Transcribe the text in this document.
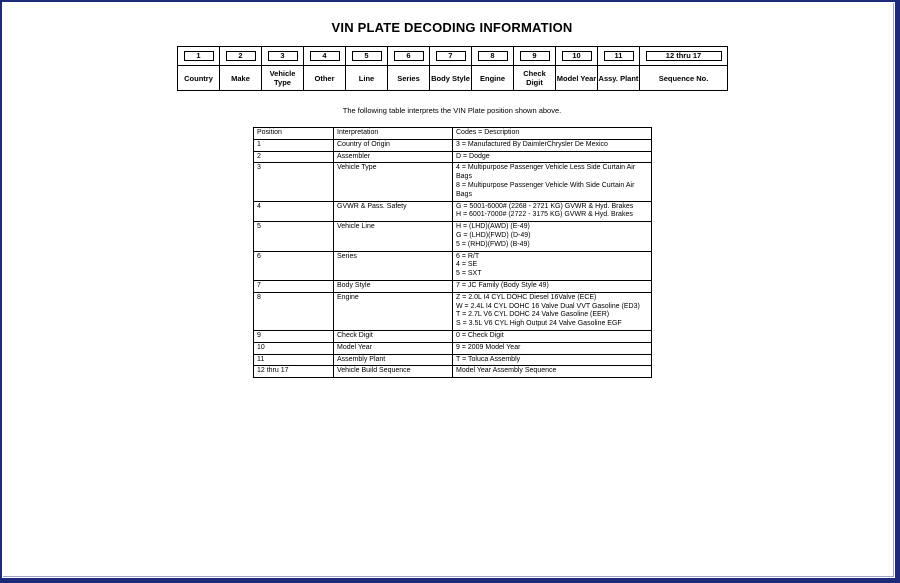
VIN PLATE DECODING INFORMATION
1	2	3	4	5	6	7	8	9	10	11	12 thru 17
Country	Make	Vehicle Type	Other	Line	Series	Body Style	Engine	Check Digit	Model Year	Assy. Plant	Sequence No.
The following table interprets the VIN Plate position shown above.
Position	Interpretation	Codes = Description
1	Country of Origin	3 = Manufactured By DaimlerChrysler De Mexico

2	Assembler	D = Dodge

3	Vehicle Type	4 = Multipurpose Passenger Vehicle Less Side Curtain Air Bags
8 = Multipurpose Passenger Vehicle With Side Curtain Air Bags

4	GVWR & Pass. Safety	G = 5001-6000# (2268 - 2721 KG) GVWR & Hyd. Brakes
H = 6001-7000# (2722 - 3175 KG) GVWR & Hyd. Brakes

5	Vehicle Line	H = (LHD)(AWD) (E-49)
G = (LHD)(FWD) (D-49)
5 = (RHD)(FWD) (B-49)

6	Series	6 = R/T
4 = SE
5 = SXT

7	Body Style	7 = JC Family (Body Style 49)

8	Engine	Z = 2.0L I4 CYL DOHC Diesel 16Valve (ECE)
W = 2.4L I4 CYL DOHC 16 Valve Dual VVT Gasoline (ED3)
T = 2.7L V6 CYL DOHC 24 Valve Gasoline (EER)
S = 3.5L V6 CYL High Output 24 Valve Gasoline EGF

9	Check Digit	0 = Check Digit

10	Model Year	9 = 2009 Model Year

11	Assembly Plant	T = Toluca Assembly

12 thru 17	Vehicle Build Sequence	Model Year Assembly Sequence
